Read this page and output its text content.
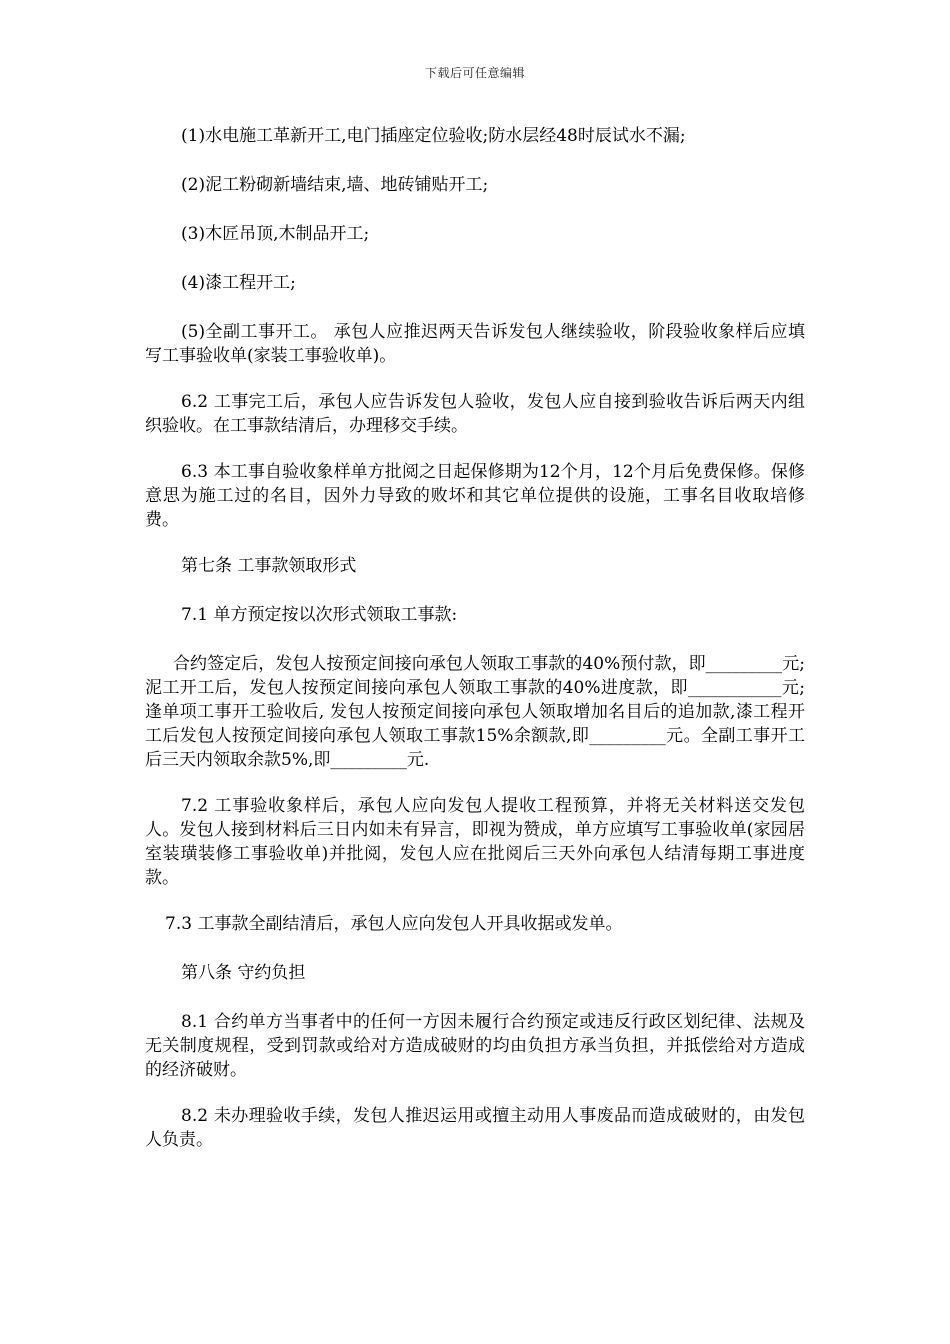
下载后可任意编辑

(1)水电施工革新开工,电门插座定位验收;防水层经48时辰试水不漏;

(2)泥工粉砌新墙结束,墙、地砖铺贴开工;

(3)木匠吊顶,木制品开工;

(4)漆工程开工;

(5)全副工事开工。 承包人应推迟两天告诉发包人继续验收，阶段验收象样后应填写工事验收单(家装工事验收单)。

6.2 工事完工后，承包人应告诉发包人验收，发包人应自接到验收告诉后两天内组织验收。在工事款结清后，办理移交手续。

6.3 本工事自验收象样单方批阅之日起保修期为12个月，12个月后免费保修。保修意思为施工过的名目，因外力导致的败坏和其它单位提供的设施，工事名目收取培修费。

第七条 工事款领取形式

7.1 单方预定按以次形式领取工事款:

合约签定后，发包人按预定间接向承包人领取工事款的40%预付款，即_________元;泥工开工后，发包人按预定间接向承包人领取工事款的40%进度款，即___________元;逢单项工事开工验收后, 发包人按预定间接向承包人领取增加名目后的追加款,漆工程开工后发包人按预定间接向承包人领取工事款15%余额款,即_________元。全副工事开工后三天内领取余款5%,即_________元.

7.2 工事验收象样后，承包人应向发包人提收工程预算，并将无关材料送交发包人。发包人接到材料后三日内如未有异言，即视为赞成，单方应填写工事验收单(家园居室装璜装修工事验收单)并批阅，发包人应在批阅后三天外向承包人结清每期工事进度款。

7.3 工事款全副结清后，承包人应向发包人开具收据或发单。

第八条 守约负担

8.1 合约单方当事者中的任何一方因未履行合约预定或违反行政区划纪律、法规及无关制度规程，受到罚款或给对方造成破财的均由负担方承当负担，并抵偿给对方造成的经济破财。

8.2 未办理验收手续，发包人推迟运用或擅主动用人事废品而造成破财的，由发包人负责。
